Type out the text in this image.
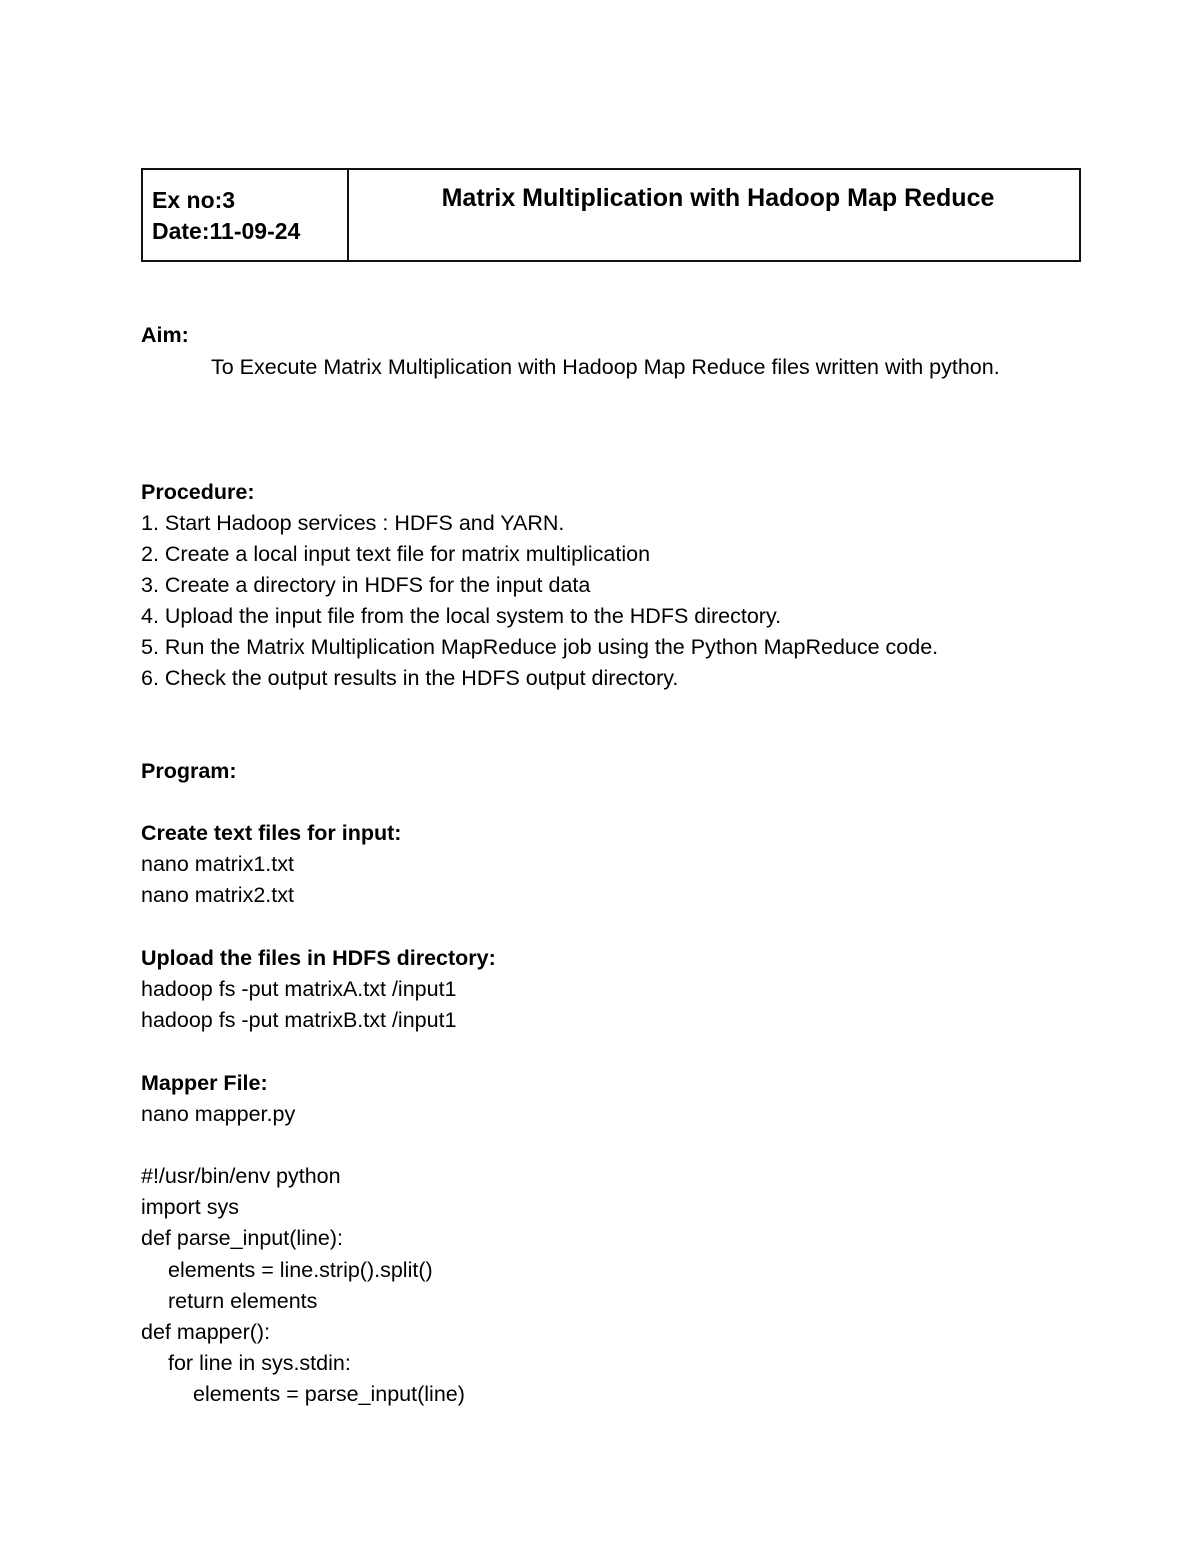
Ex no:3
Date:11-09-24
Matrix Multiplication with Hadoop Map Reduce
Aim:
To Execute Matrix Multiplication with Hadoop Map Reduce files written with python.
Procedure:
1. Start Hadoop services : HDFS and YARN.
2. Create a local input text file for matrix multiplication
3. Create a directory in HDFS for the input data
4. Upload the input file from the local system to the HDFS directory.
5. Run the Matrix Multiplication MapReduce job using the Python MapReduce code.
6. Check the output results in the HDFS output directory.
Program:
Create text files for input:
nano matrix1.txt
nano matrix2.txt
Upload the files in HDFS directory:
hadoop fs -put matrixA.txt /input1
hadoop fs -put matrixB.txt /input1
Mapper File:
nano mapper.py
#!/usr/bin/env python
import sys
def parse_input(line):
elements = line.strip().split()
return elements
def mapper():
for line in sys.stdin:
elements = parse_input(line)
